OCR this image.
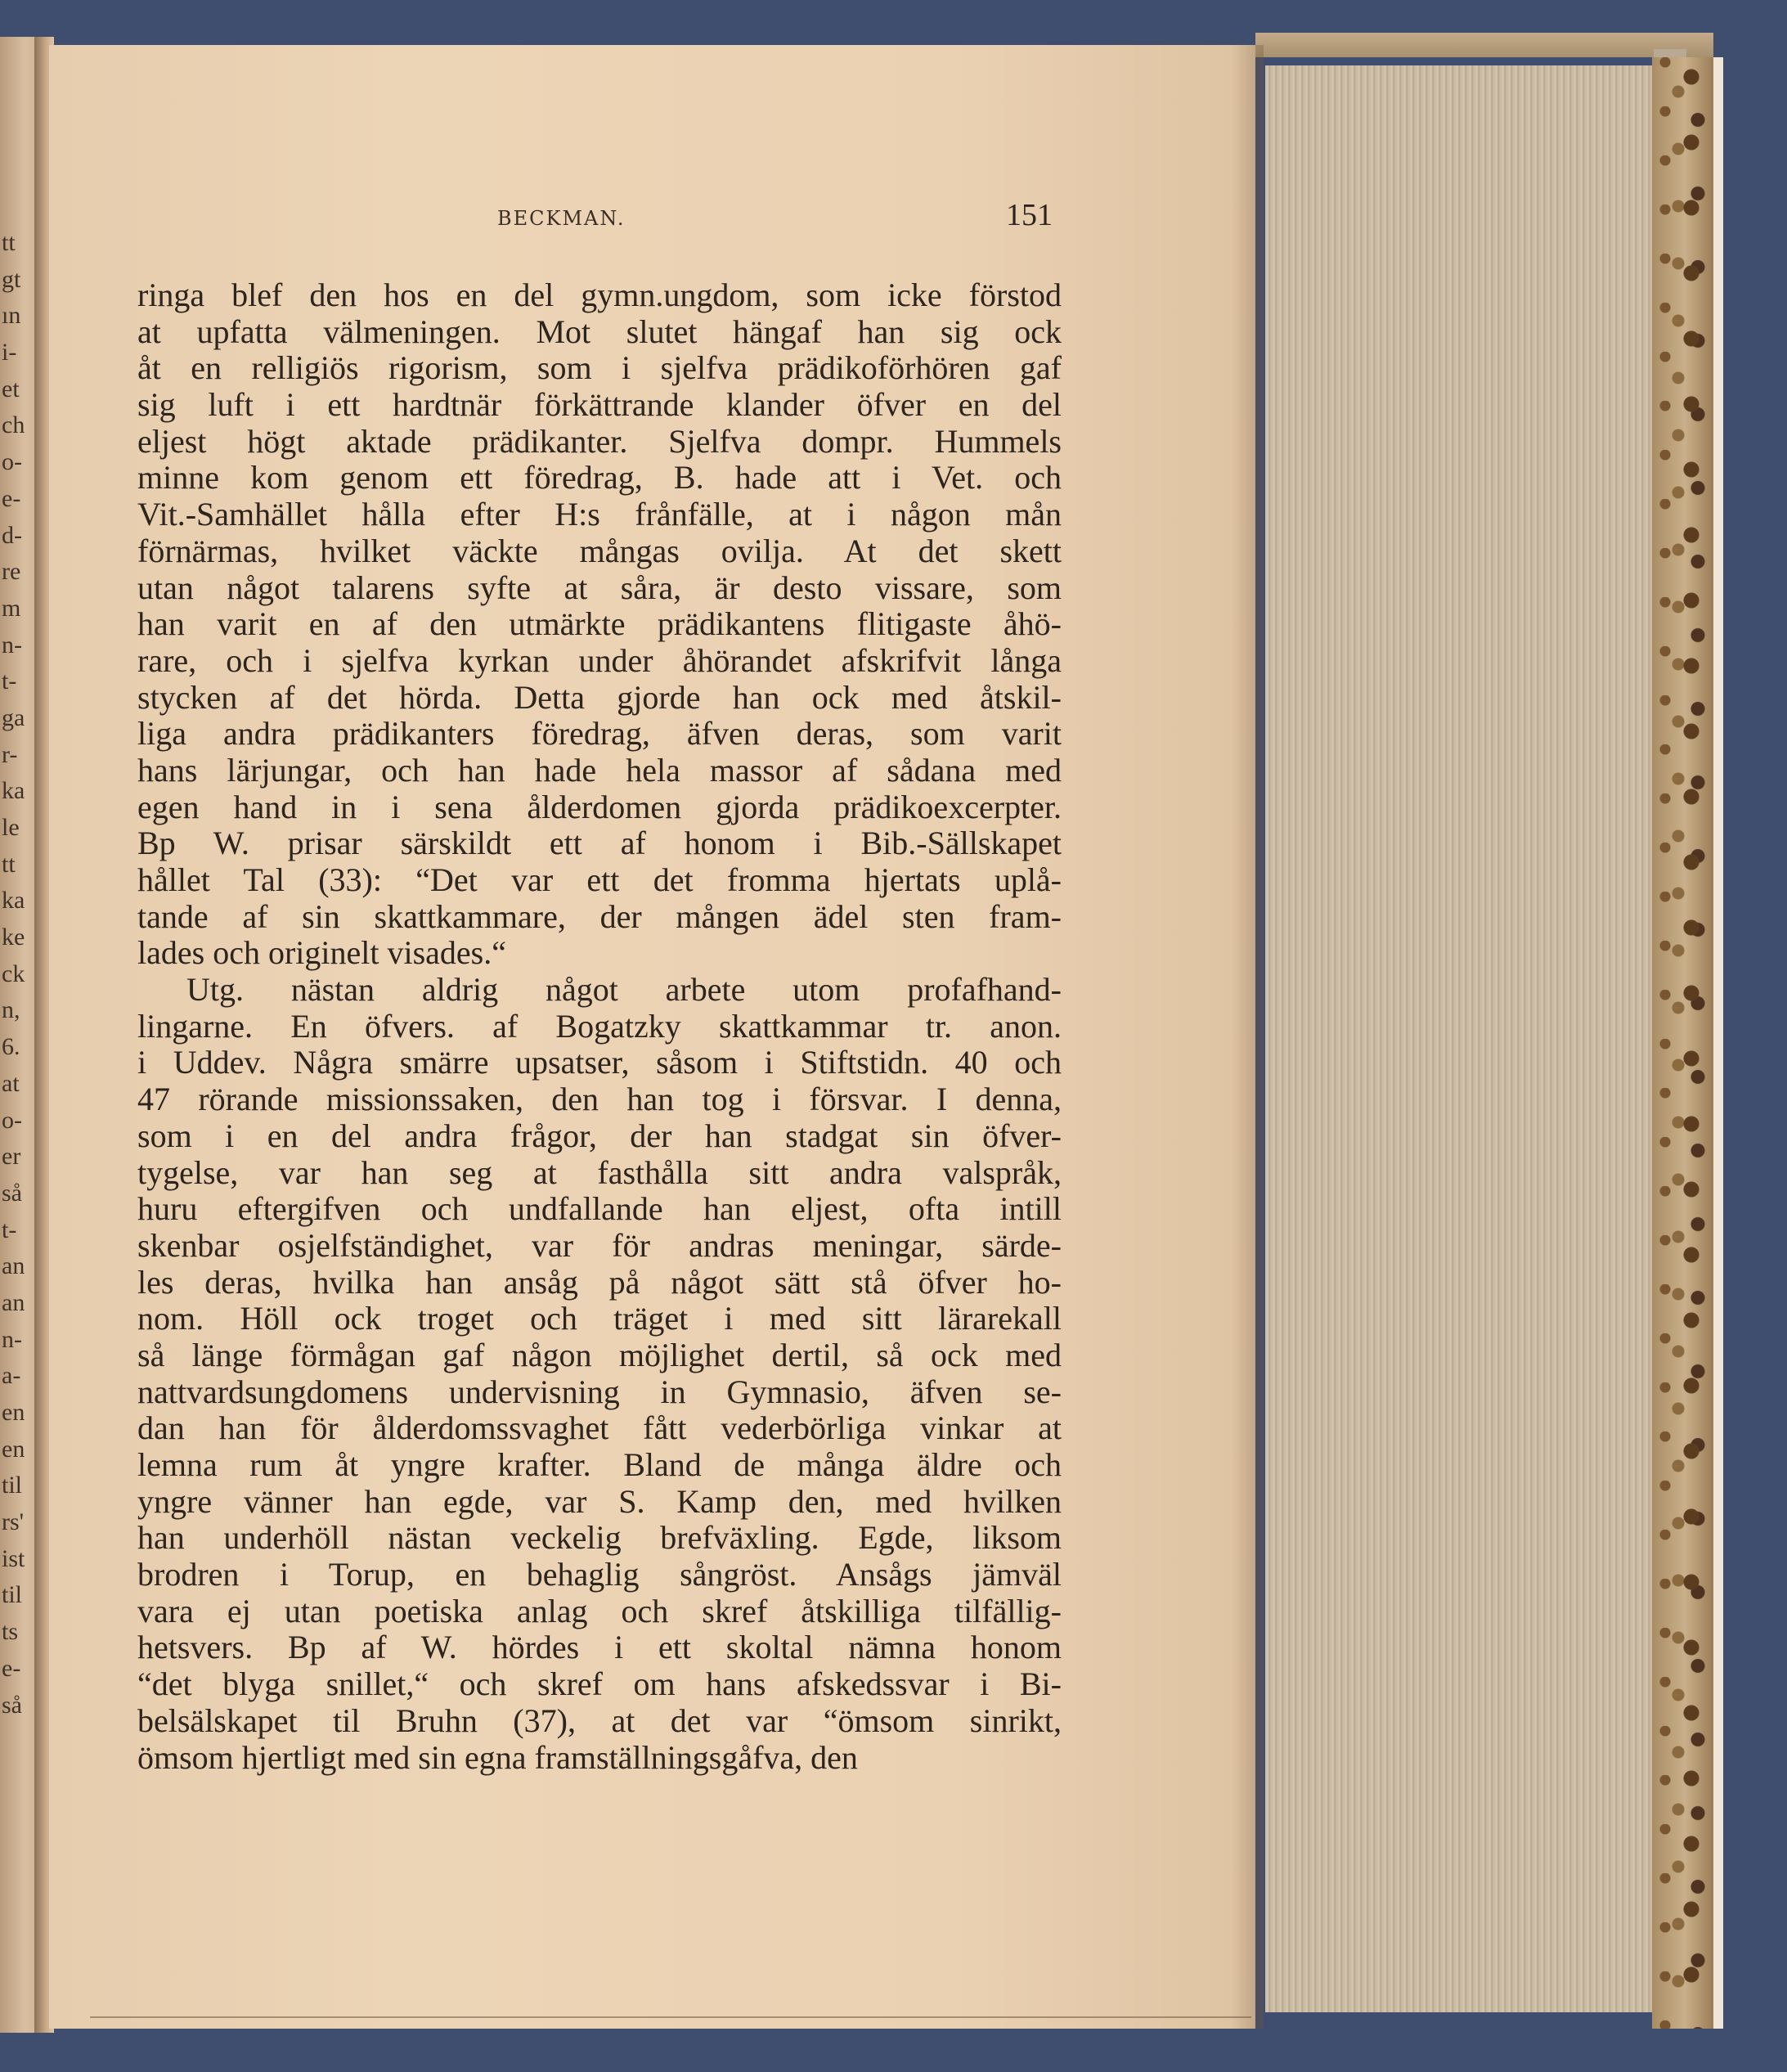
tt
gt
ın
i-
et
ch
o-
e-
d-
re
m
n-
t-
ga
r-
ka
le
tt
ka
ke
ck
n,
6.
at
o-
er
så
t-
an
an
n-
a-
en
en
til
rs'
ist
til
ts
e-
så
BECKMAN.	151
ringa blef den hos en del gymn.ungdom, som icke förstod
at upfatta välmeningen. Mot slutet hängaf han sig ock
åt en relligiös rigorism, som i sjelfva prädikoförhören gaf
sig luft i ett hardtnär förkättrande klander öfver en del
eljest högt aktade prädikanter. Sjelfva dompr. Hummels
minne kom genom ett föredrag, B. hade att i Vet. och
Vit.-Samhället hålla efter H:s frånfälle, at i någon mån
förnärmas, hvilket väckte mångas ovilja. At det skett
utan något talarens syfte at såra, är desto vissare, som
han varit en af den utmärkte prädikantens flitigaste åhö-
rare, och i sjelfva kyrkan under åhörandet afskrifvit långa
stycken af det hörda. Detta gjorde han ock med åtskil-
liga andra prädikanters föredrag, äfven deras, som varit
hans lärjungar, och han hade hela massor af sådana med
egen hand in i sena ålderdomen gjorda prädikoexcerpter.
Bp W. prisar särskildt ett af honom i Bib.-Sällskapet
hållet Tal (33): “Det var ett det fromma hjertats uplå-
tande af sin skattkammare, der mången ädel sten fram-
lades och originelt visades.“
Utg. nästan aldrig något arbete utom profafhand-
lingarne. En öfvers. af Bogatzky skattkammar tr. anon.
i Uddev. Några smärre upsatser, såsom i Stiftstidn. 40 och
47 rörande missionssaken, den han tog i försvar. I denna,
som i en del andra frågor, der han stadgat sin öfver-
tygelse, var han seg at fasthålla sitt andra valspråk,
huru eftergifven och undfallande han eljest, ofta intill
skenbar osjelfständighet, var för andras meningar, särde-
les deras, hvilka han ansåg på något sätt stå öfver ho-
nom. Höll ock troget och träget i med sitt lärarekall
så länge förmågan gaf någon möjlighet dertil, så ock med
nattvardsungdomens undervisning in Gymnasio, äfven se-
dan han för ålderdomssvaghet fått vederbörliga vinkar at
lemna rum åt yngre krafter. Bland de många äldre och
yngre vänner han egde, var S. Kamp den, med hvilken
han underhöll nästan veckelig brefväxling. Egde, liksom
brodren i Torup, en behaglig sångröst. Ansågs jämväl
vara ej utan poetiska anlag och skref åtskilliga tilfällig-
hetsvers. Bp af W. hördes i ett skoltal nämna honom
“det blyga snillet,“ och skref om hans afskedssvar i Bi-
belsälskapet til Bruhn (37), at det var “ömsom sinrikt,
ömsom hjertligt med sin egna framställningsgåfva, den
